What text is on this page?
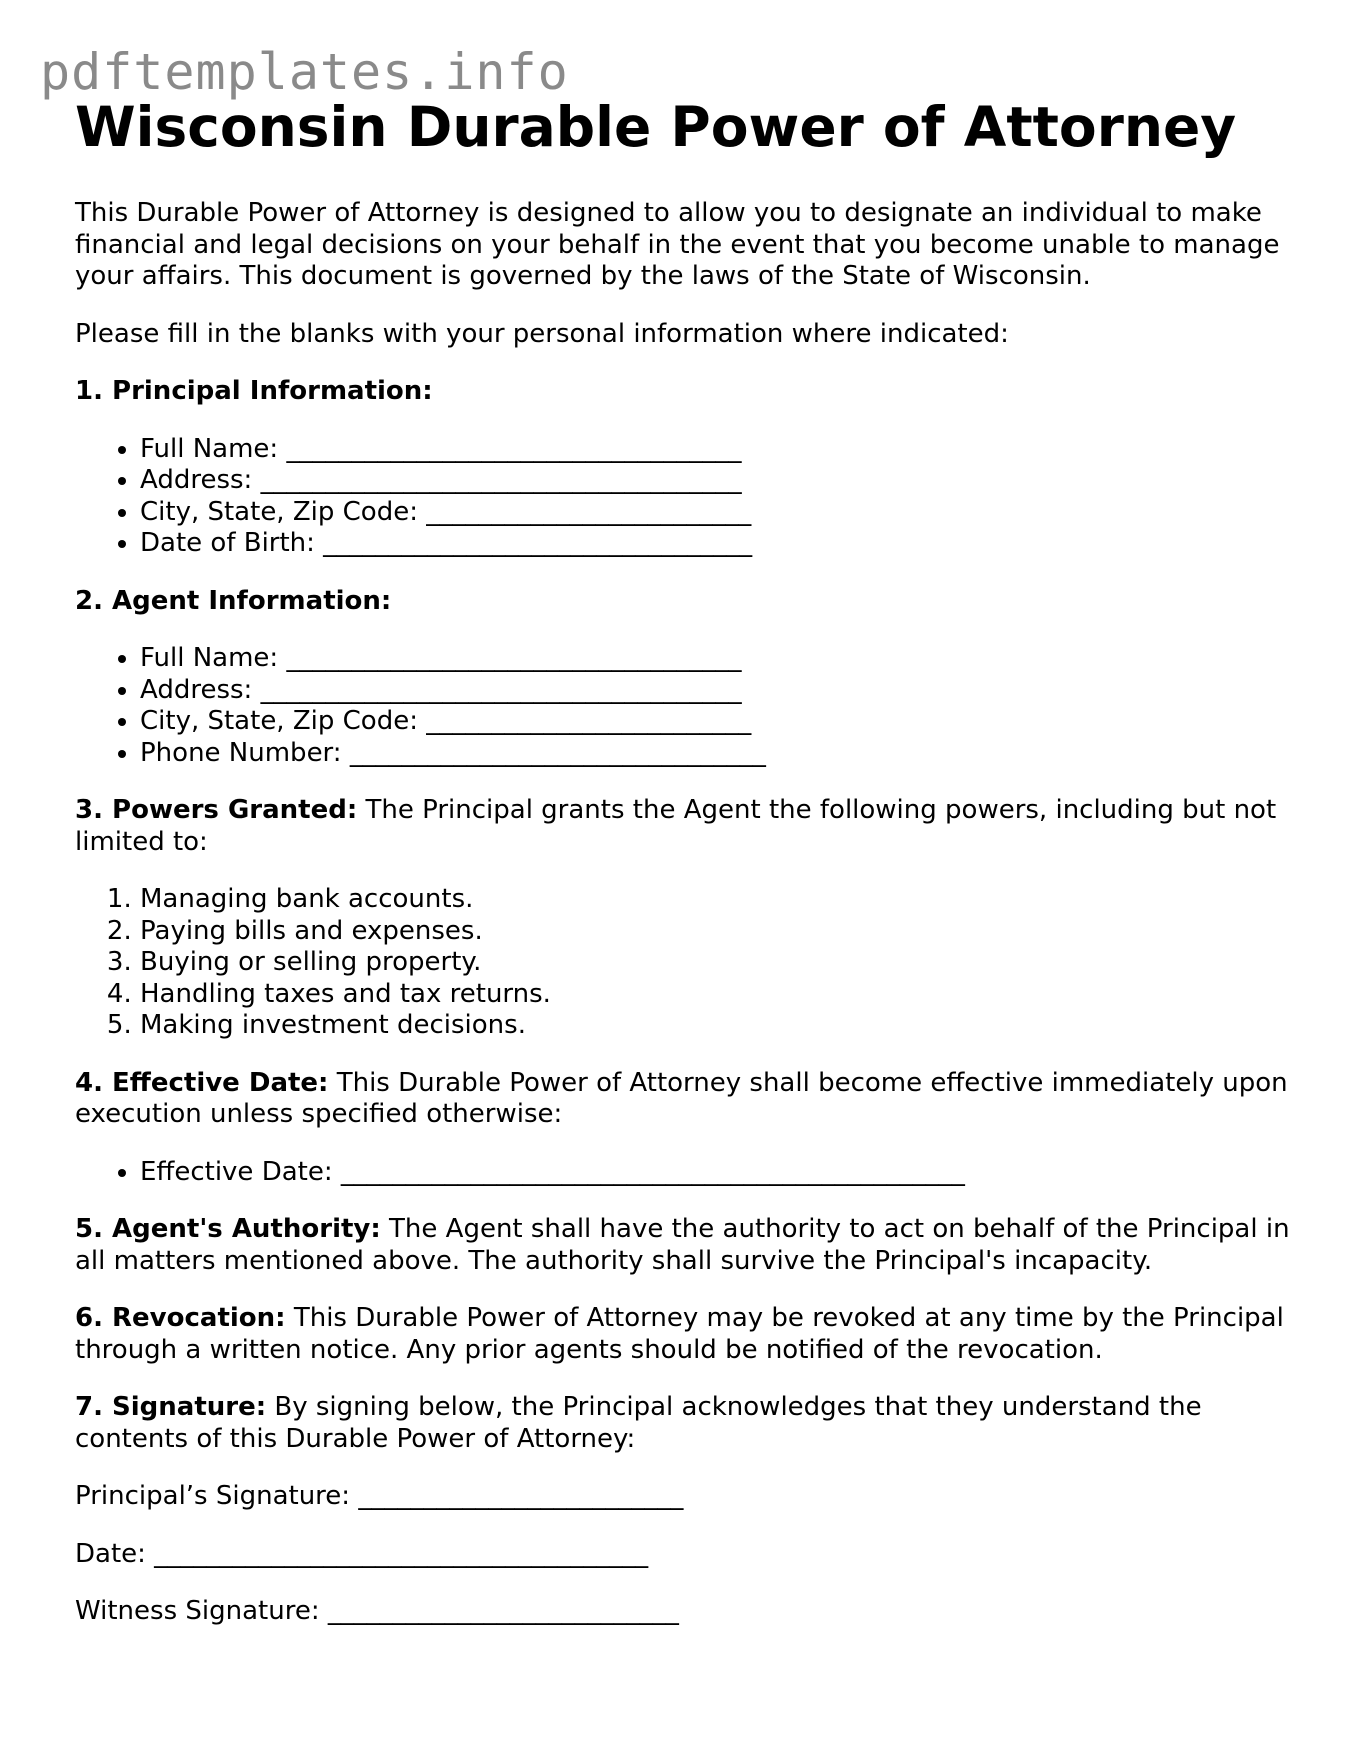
pdftemplates.info
Wisconsin Durable Power of Attorney

This Durable Power of Attorney is designed to allow you to designate an individual to make financial and legal decisions on your behalf in the event that you become unable to manage your affairs. This document is governed by the laws of the State of Wisconsin.

Please fill in the blanks with your personal information where indicated:

1. Principal Information:

• Full Name: ___________________________________
• Address: _____________________________________
• City, State, Zip Code: _________________________
• Date of Birth: _________________________________

2. Agent Information:

• Full Name: ___________________________________
• Address: _____________________________________
• City, State, Zip Code: _________________________
• Phone Number: ________________________________

3. Powers Granted: The Principal grants the Agent the following powers, including but not limited to:

1. Managing bank accounts.
2. Paying bills and expenses.
3. Buying or selling property.
4. Handling taxes and tax returns.
5. Making investment decisions.

4. Effective Date: This Durable Power of Attorney shall become effective immediately upon execution unless specified otherwise:

• Effective Date: ________________________________________________

5. Agent's Authority: The Agent shall have the authority to act on behalf of the Principal in all matters mentioned above. The authority shall survive the Principal's incapacity.

6. Revocation: This Durable Power of Attorney may be revoked at any time by the Principal through a written notice. Any prior agents should be notified of the revocation.

7. Signature: By signing below, the Principal acknowledges that they understand the contents of this Durable Power of Attorney:

Principal’s Signature: _________________________

Date: ______________________________________

Witness Signature: ___________________________
